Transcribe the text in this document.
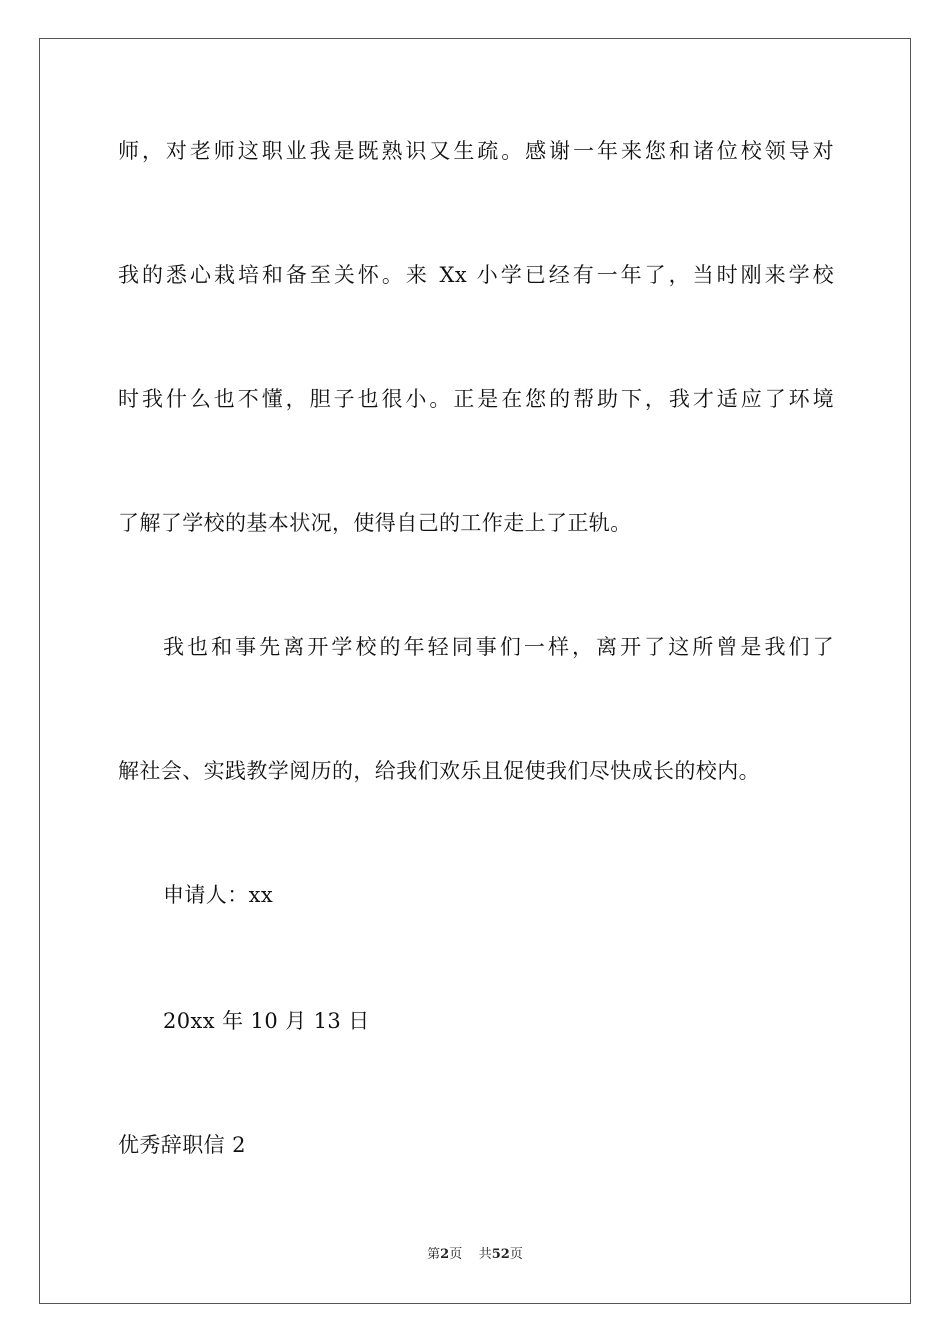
师，对老师这职业我是既熟识又生疏。感谢一年来您和诸位校领导对
我的悉心栽培和备至关怀。来 Xx 小学已经有一年了，当时刚来学校
时我什么也不懂，胆子也很小。正是在您的帮助下，我才适应了环境
了解了学校的基本状况，使得自己的工作走上了正轨。
我也和事先离开学校的年轻同事们一样，离开了这所曾是我们了
解社会、实践教学阅历的，给我们欢乐且促使我们尽快成长的校内。
申请人：xx
20xx 年 10 月 13 日
优秀辞职信 2
第2页 共52页
